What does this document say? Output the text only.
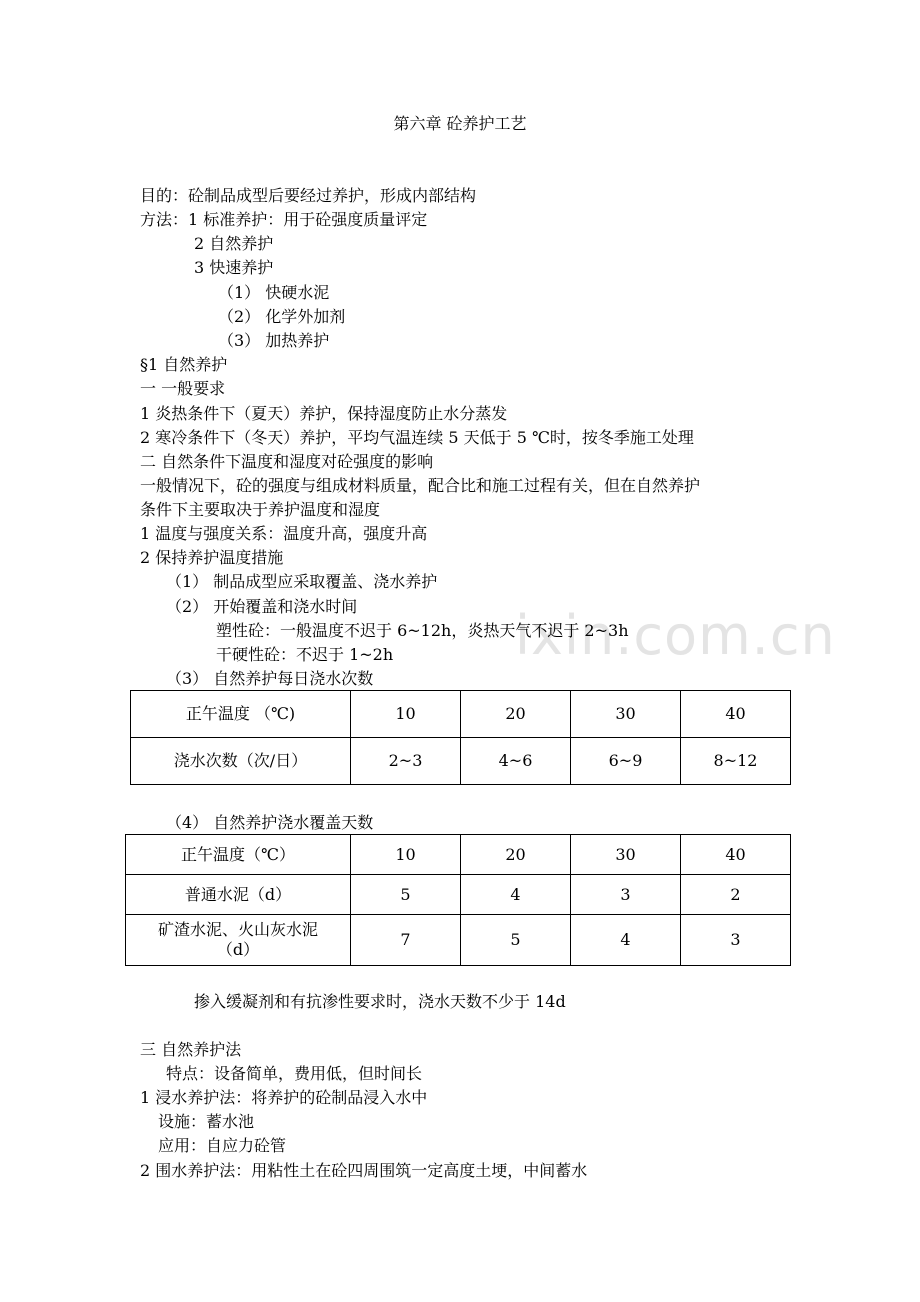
ixin.com.cn
第六章 砼养护工艺
目的：砼制品成型后要经过养护，形成内部结构
方法：1 标准养护：用于砼强度质量评定
2 自然养护
3 快速养护
（1） 快硬水泥
（2） 化学外加剂
（3） 加热养护
§1 自然养护
一 一般要求
1 炎热条件下（夏天）养护，保持湿度防止水分蒸发
2 寒冷条件下（冬天）养护，平均气温连续 5 天低于 5 ℃时，按冬季施工处理
二 自然条件下温度和湿度对砼强度的影响
一般情况下，砼的强度与组成材料质量，配合比和施工过程有关，但在自然养护
条件下主要取决于养护温度和湿度
1 温度与强度关系：温度升高，强度升高
2 保持养护温度措施
（1） 制品成型应采取覆盖、浇水养护
（2） 开始覆盖和浇水时间
塑性砼：一般温度不迟于 6~12h，炎热天气不迟于 2~3h
干硬性砼：不迟于 1~2h
（3） 自然养护每日浇水次数
正午温度 （℃)	10	20	30	40
浇水次数（次/日）	2~3	4~6	6~9	8~12
（4） 自然养护浇水覆盖天数
正午温度（℃）	10	20	30	40
普通水泥（d）	5	4	3	2

矿渣水泥、火山灰水泥
（d）	7	5	4	3
掺入缓凝剂和有抗渗性要求时，浇水天数不少于 14d
三 自然养护法
特点：设备简单，费用低，但时间长
1 浸水养护法：将养护的砼制品浸入水中
设施：蓄水池
应用：自应力砼管
2 围水养护法：用粘性土在砼四周围筑一定高度土埂，中间蓄水
